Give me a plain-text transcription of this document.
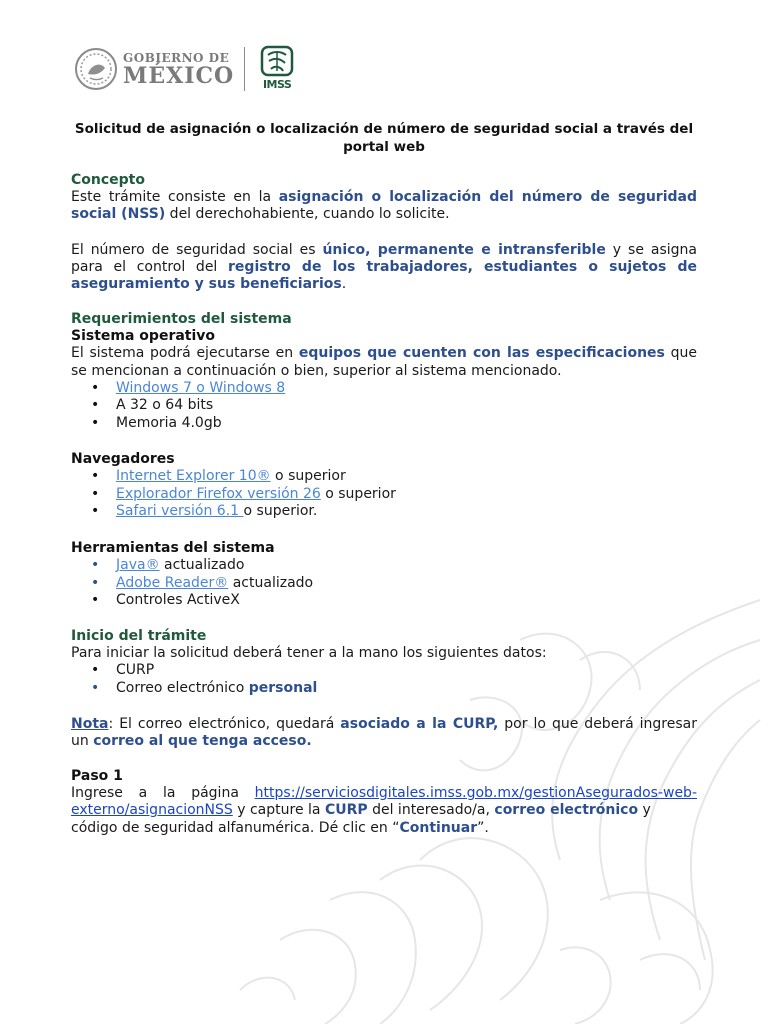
GOBIERNO DE
MÉXICO	IMSS
Solicitud de asignación o localización de número de seguridad social a través del portal web
Concepto
Este trámite consiste en la asignación o localización del número de seguridad social (NSS) del derechohabiente, cuando lo solicite.
El número de seguridad social es único, permanente e intransferible y se asigna para el control del registro de los trabajadores, estudiantes o sujetos de aseguramiento y sus beneficiarios.
Requerimientos del sistema
Sistema operativo
El sistema podrá ejecutarse en equipos que cuenten con las especificaciones que se mencionan a continuación o bien, superior al sistema mencionado.
• Windows 7 o Windows 8
• A 32 o 64 bits
• Memoria 4.0gb
Navegadores
• Internet Explorer 10® o superior
• Explorador Firefox versión 26 o superior
• Safari versión 6.1 o superior.
Herramientas del sistema
• Java® actualizado
• Adobe Reader® actualizado
• Controles ActiveX
Inicio del trámite
Para iniciar la solicitud deberá tener a la mano los siguientes datos:
• CURP
• Correo electrónico personal
Nota: El correo electrónico, quedará asociado a la CURP, por lo que deberá ingresar un correo al que tenga acceso.
Paso 1
Ingrese a la página https://serviciosdigitales.imss.gob.mx/gestionAsegurados-web-
externo/asignacionNSS y capture la CURP del interesado/a, correo electrónico y código de seguridad alfanumérica. Dé clic en “Continuar”.
